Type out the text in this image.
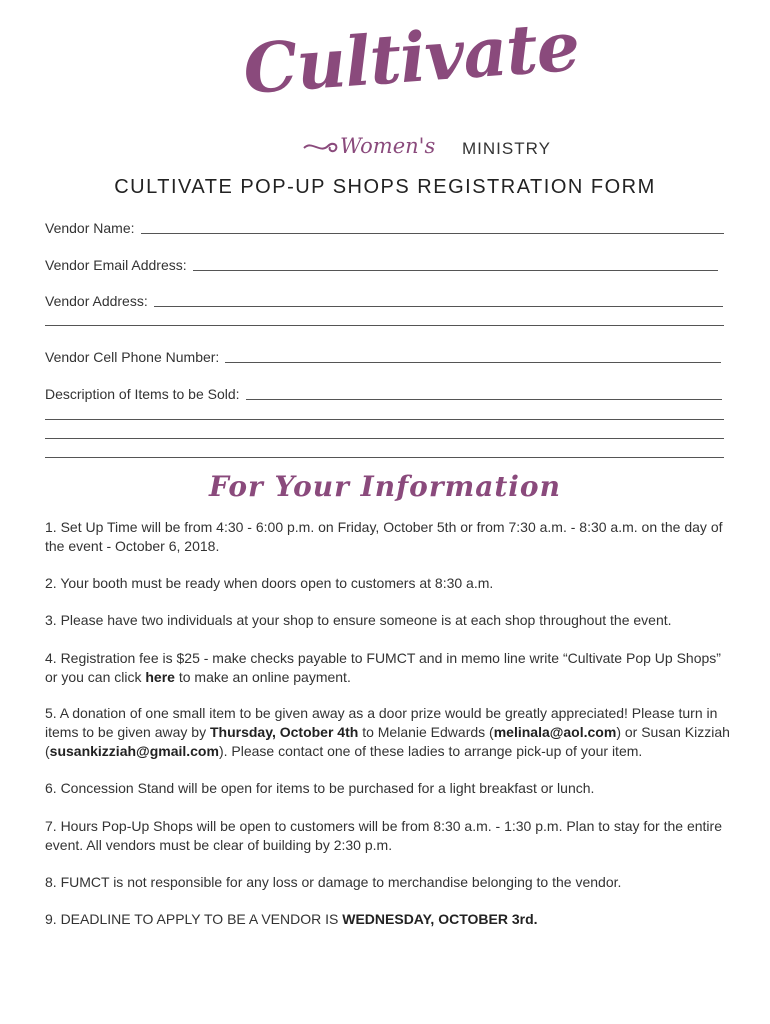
Cultivate
Women's MINISTRY
CULTIVATE POP-UP SHOPS REGISTRATION FORM
Vendor Name:
Vendor Email Address:
Vendor Address:
Vendor Cell Phone Number:
Description of Items to be Sold:
For Your Information
1. Set Up Time will be from 4:30 - 6:00 p.m. on Friday, October 5th or from 7:30 a.m. - 8:30 a.m. on the day of the event - October 6, 2018.
2. Your booth must be ready when doors open to customers at 8:30 a.m.
3. Please have two individuals at your shop to ensure someone is at each shop throughout the event.
4. Registration fee is $25 - make checks payable to FUMCT and in memo line write “Cultivate Pop Up Shops” or you can click here to make an online payment.
5. A donation of one small item to be given away as a door prize would be greatly appreciated! Please turn in items to be given away by Thursday, October 4th to Melanie Edwards (melinala@aol.com) or Susan Kizziah (susankizziah@gmail.com). Please contact one of these ladies to arrange pick-up of your item.
6. Concession Stand will be open for items to be purchased for a light breakfast or lunch.
7. Hours Pop-Up Shops will be open to customers will be from 8:30 a.m. - 1:30 p.m. Plan to stay for the entire event. All vendors must be clear of building by 2:30 p.m.
8. FUMCT is not responsible for any loss or damage to merchandise belonging to the vendor.
9. DEADLINE TO APPLY TO BE A VENDOR IS WEDNESDAY, OCTOBER 3rd.
